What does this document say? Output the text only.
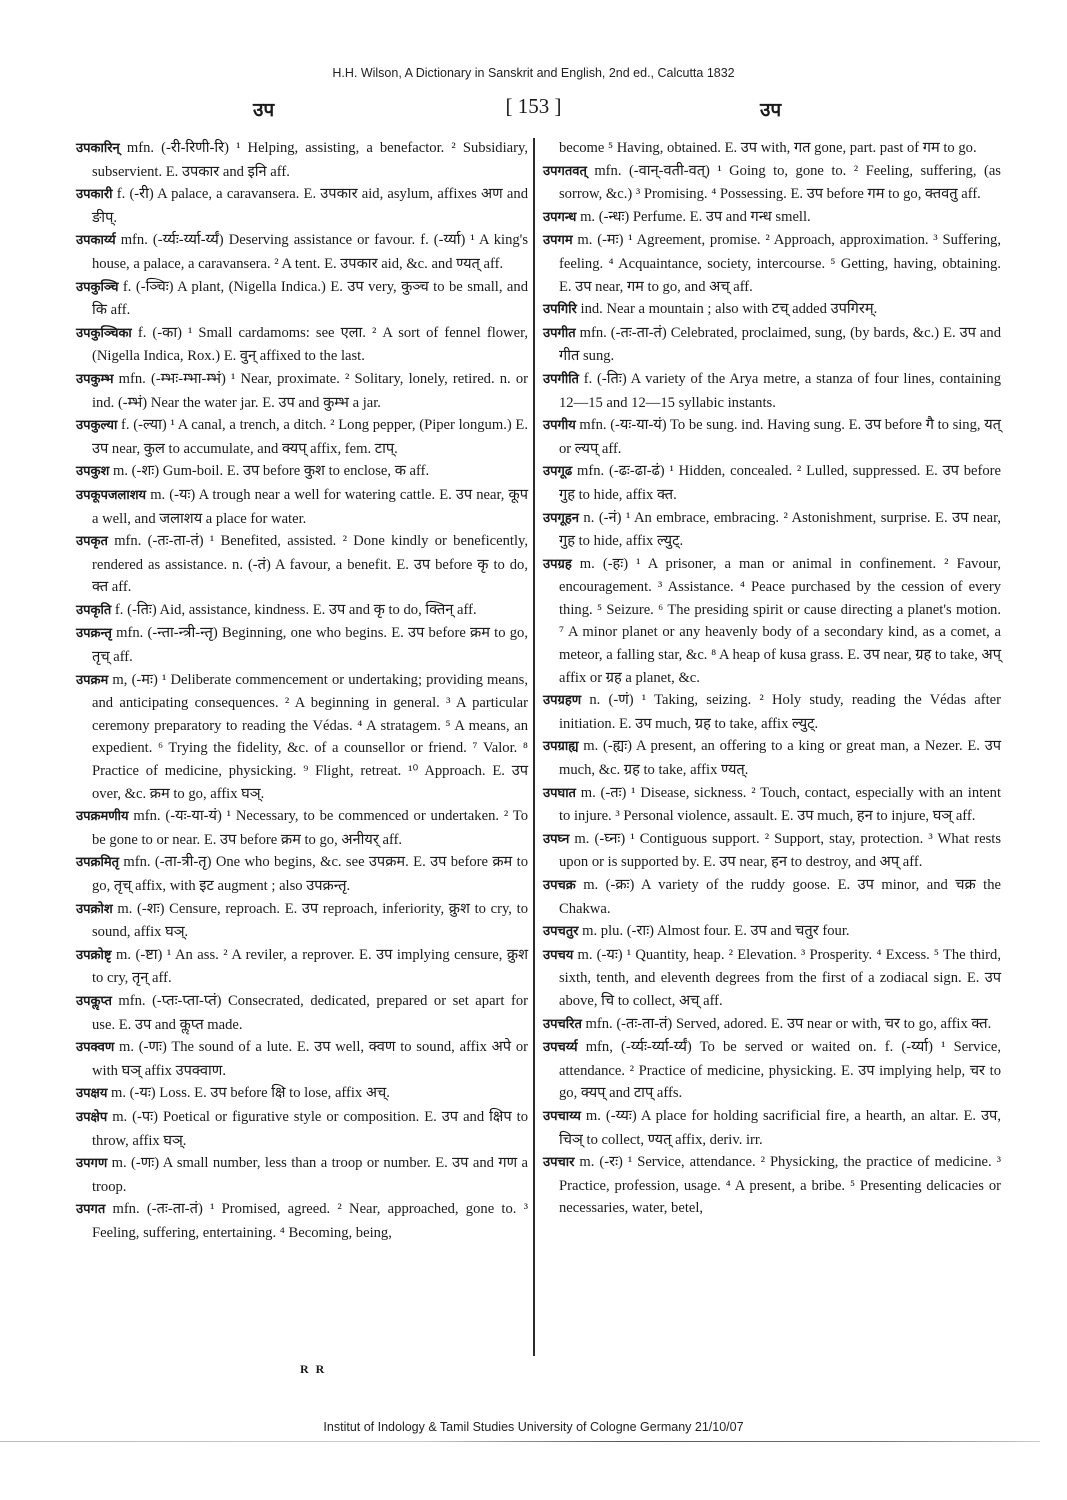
H.H. Wilson, A Dictionary in Sanskrit and English, 2nd ed., Calcutta 1832
उप	[ 153 ]	उप

उपकारिन् mfn. (-री-रिणी-रि) ¹ Helping, assisting, a benefactor. ² Subsidiary, subservient. E. उपकार and इनि aff.

उपकारी f. (-री) A palace, a caravansera. E. उपकार aid, asylum, affixes अण and ङीप्.

उपकार्य्य mfn. (-र्य्यः-र्य्या-र्य्यं) Deserving assistance or favour. f. (-र्य्या) ¹ A king's house, a palace, a caravansera. ² A tent. E. उपकार aid, &c. and ण्यत् aff.

उपकुञ्चि f. (-ञ्चिः) A plant, (Nigella Indica.) E. उप very, कुञ्च to be small, and कि aff.

उपकुञ्चिका f. (-का) ¹ Small cardamoms: see एला. ² A sort of fennel flower, (Nigella Indica, Rox.) E. वुन् affixed to the last.

उपकुम्भ mfn. (-म्भः-म्भा-म्भं) ¹ Near, proximate. ² Solitary, lonely, retired. n. or ind. (-म्भं) Near the water jar. E. उप and कुम्भ a jar.

उपकुल्या f. (-ल्या) ¹ A canal, a trench, a ditch. ² Long pepper, (Piper longum.) E. उप near, कुल to accumulate, and क्यप् affix, fem. टाप्.

उपकुश m. (-शः) Gum-boil. E. उप before कुश to enclose, क aff.

उपकूपजलाशय m. (-यः) A trough near a well for watering cattle. E. उप near, कूप a well, and जलाशय a place for water.

उपकृत mfn. (-तः-ता-तं) ¹ Benefited, assisted. ² Done kindly or beneficently, rendered as assistance. n. (-तं) A favour, a benefit. E. उप before कृ to do, क्त aff.

उपकृति f. (-तिः) Aid, assistance, kindness. E. उप and कृ to do, क्तिन् aff.

उपक्रन्तृ mfn. (-न्ता-न्त्री-न्तृ) Beginning, one who begins. E. उप before क्रम to go, तृच् aff.

उपक्रम m, (-मः) ¹ Deliberate commencement or undertaking; providing means, and anticipating consequences. ² A beginning in general. ³ A particular ceremony preparatory to reading the Védas. ⁴ A stratagem. ⁵ A means, an expedient. ⁶ Trying the fidelity, &c. of a counsellor or friend. ⁷ Valor. ⁸ Practice of medicine, physicking. ⁹ Flight, retreat. ¹⁰ Approach. E. उप over, &c. क्रम to go, affix घञ्.

उपक्रमणीय mfn. (-यः-या-यं) ¹ Necessary, to be commenced or undertaken. ² To be gone to or near. E. उप before क्रम to go, अनीयर् aff.

उपक्रमितृ mfn. (-ता-त्री-तृ) One who begins, &c. see उपक्रम. E. उप before क्रम to go, तृच् affix, with इट augment ; also उपक्रन्तृ.

उपक्रोश m. (-शः) Censure, reproach. E. उप reproach, inferiority, क्रुश to cry, to sound, affix घञ्.

उपक्रोष्टृ m. (-ष्टा) ¹ An ass. ² A reviler, a reprover. E. उप implying censure, क्रुश to cry, तृन् aff.

उपकॢप्त mfn. (-प्तः-प्ता-प्तं) Consecrated, dedicated, prepared or set apart for use. E. उप and कॢप्त made.

उपक्वण m. (-णः) The sound of a lute. E. उप well, क्वण to sound, affix अपे or with घञ् affix उपक्वाण.

उपक्षय m. (-यः) Loss. E. उप before क्षि to lose, affix अच्.

उपक्षेप m. (-पः) Poetical or figurative style or composition. E. उप and क्षिप to throw, affix घञ्.

उपगण m. (-णः) A small number, less than a troop or number. E. उप and गण a troop.

उपगत mfn. (-तः-ता-तं) ¹ Promised, agreed. ² Near, approached, gone to. ³ Feeling, suffering, entertaining. ⁴ Becoming, being,

become ⁵ Having, obtained. E. उप with, गत gone, part. past of गम to go.

उपगतवत् mfn. (-वान्-वती-वत्) ¹ Going to, gone to. ² Feeling, suffering, (as sorrow, &c.) ³ Promising. ⁴ Possessing. E. उप before गम to go, क्तवतु aff.

उपगन्ध m. (-न्धः) Perfume. E. उप and गन्ध smell.

उपगम m. (-मः) ¹ Agreement, promise. ² Approach, approximation. ³ Suffering, feeling. ⁴ Acquaintance, society, intercourse. ⁵ Getting, having, obtaining. E. उप near, गम to go, and अच् aff.

उपगिरि ind. Near a mountain ; also with टच् added उपगिरम्.

उपगीत mfn. (-तः-ता-तं) Celebrated, proclaimed, sung, (by bards, &c.) E. उप and गीत sung.

उपगीति f. (-तिः) A variety of the Arya metre, a stanza of four lines, containing 12—15 and 12—15 syllabic instants.

उपगीय mfn. (-यः-या-यं) To be sung. ind. Having sung. E. उप before गै to sing, यत् or ल्यप् aff.

उपगूढ mfn. (-ढः-ढा-ढं) ¹ Hidden, concealed. ² Lulled, suppressed. E. उप before गुह to hide, affix क्त.

उपगूहन n. (-नं) ¹ An embrace, embracing. ² Astonishment, surprise. E. उप near, गुह to hide, affix ल्युट्.

उपग्रह m. (-हः) ¹ A prisoner, a man or animal in confinement. ² Favour, encouragement. ³ Assistance. ⁴ Peace purchased by the cession of every thing. ⁵ Seizure. ⁶ The presiding spirit or cause directing a planet's motion. ⁷ A minor planet or any heavenly body of a secondary kind, as a comet, a meteor, a falling star, &c. ⁸ A heap of kusa grass. E. उप near, ग्रह to take, अप् affix or ग्रह a planet, &c.

उपग्रहण n. (-णं) ¹ Taking, seizing. ² Holy study, reading the Védas after initiation. E. उप much, ग्रह to take, affix ल्युट्.

उपग्राह्य m. (-ह्यः) A present, an offering to a king or great man, a Nezer. E. उप much, &c. ग्रह to take, affix ण्यत्.

उपघात m. (-तः) ¹ Disease, sickness. ² Touch, contact, especially with an intent to injure. ³ Personal violence, assault. E. उप much, हन to injure, घञ् aff.

उपघ्न m. (-घ्नः) ¹ Contiguous support. ² Support, stay, protection. ³ What rests upon or is supported by. E. उप near, हन to destroy, and अप् aff.

उपचक्र m. (-क्रः) A variety of the ruddy goose. E. उप minor, and चक्र the Chakwa.

उपचतुर m. plu. (-राः) Almost four. E. उप and चतुर four.

उपचय m. (-यः) ¹ Quantity, heap. ² Elevation. ³ Prosperity. ⁴ Excess. ⁵ The third, sixth, tenth, and eleventh degrees from the first of a zodiacal sign. E. उप above, चि to collect, अच् aff.

उपचरित mfn. (-तः-ता-तं) Served, adored. E. उप near or with, चर to go, affix क्त.

उपचर्य्य mfn, (-र्य्यः-र्य्या-र्य्यं) To be served or waited on. f. (-र्य्या) ¹ Service, attendance. ² Practice of medicine, physicking. E. उप implying help, चर to go, क्यप् and टाप् affs.

उपचाय्य m. (-य्यः) A place for holding sacrificial fire, a hearth, an altar. E. उप, चिञ् to collect, ण्यत् affix, deriv. irr.

उपचार m. (-रः) ¹ Service, attendance. ² Physicking, the practice of medicine. ³ Practice, profession, usage. ⁴ A present, a bribe. ⁵ Presenting delicacies or necessaries, water, betel,

R R
Institut of Indology & Tamil Studies University of Cologne Germany 21/10/07
